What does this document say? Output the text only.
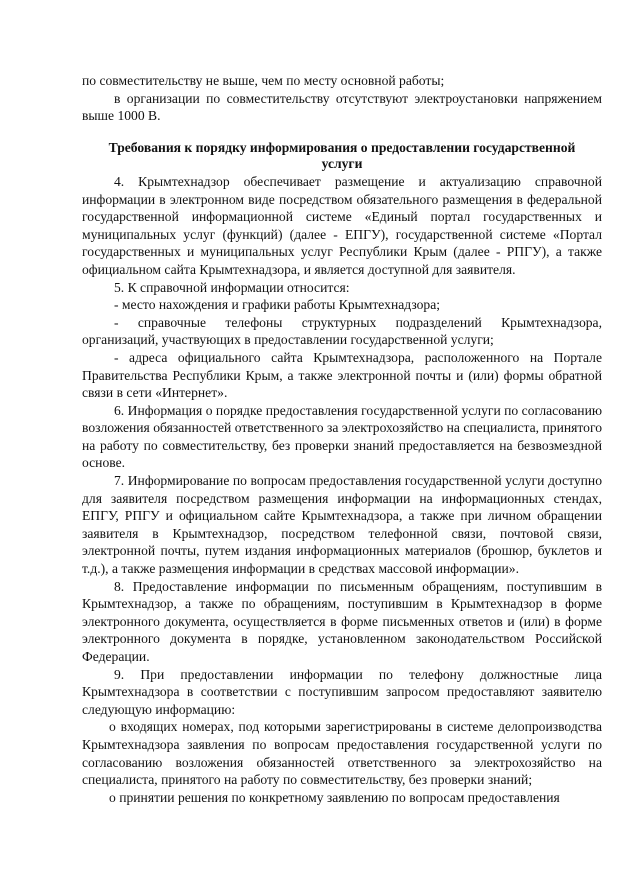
по совместительству не выше, чем по месту основной работы;

в организации по совместительству отсутствуют электроустановки напряжением выше 1000 В.

Требования к порядку информирования о предоставлении государственной услуги

4. Крымтехнадзор обеспечивает размещение и актуализацию справочной информации в электронном виде посредством обязательного размещения в федеральной государственной информационной системе «Единый портал государственных и муниципальных услуг (функций) (далее - ЕПГУ), государственной системе «Портал государственных и муниципальных услуг Республики Крым (далее - РПГУ), а также официальном сайта Крымтехнадзора, и является доступной для заявителя.

5. К справочной информации относится:

- место нахождения и графики работы Крымтехнадзора;

- справочные телефоны структурных подразделений Крымтехнадзора, организаций, участвующих в предоставлении государственной услуги;

- адреса официального сайта Крымтехнадзора, расположенного на Портале Правительства Республики Крым, а также электронной почты и (или) формы обратной связи в сети «Интернет».

6. Информация о порядке предоставления государственной услуги по согласованию возложения обязанностей ответственного за электрохозяйство на специалиста, принятого на работу по совместительству, без проверки знаний предоставляется на безвозмездной основе.

7. Информирование по вопросам предоставления государственной услуги доступно для заявителя посредством размещения информации на информационных стендах, ЕПГУ, РПГУ и официальном сайте Крымтехнадзора, а также при личном обращении заявителя в Крымтехнадзор, посредством телефонной связи, почтовой связи, электронной почты, путем издания информационных материалов (брошюр, буклетов и т.д.), а также размещения информации в средствах массовой информации».

8. Предоставление информации по письменным обращениям, поступившим в Крымтехнадзор, а также по обращениям, поступившим в Крымтехнадзор в форме электронного документа, осуществляется в форме письменных ответов и (или) в форме электронного документа в порядке, установленном законодательством Российской Федерации.

9. При предоставлении информации по телефону должностные лица Крымтехнадзора в соответствии с поступившим запросом предоставляют заявителю следующую информацию:

о входящих номерах, под которыми зарегистрированы в системе делопроизводства Крымтехнадзора заявления по вопросам предоставления государственной услуги по согласованию возложения обязанностей ответственного за электрохозяйство на специалиста, принятого на работу по совместительству, без проверки знаний;

о принятии решения по конкретному заявлению по вопросам предоставления
